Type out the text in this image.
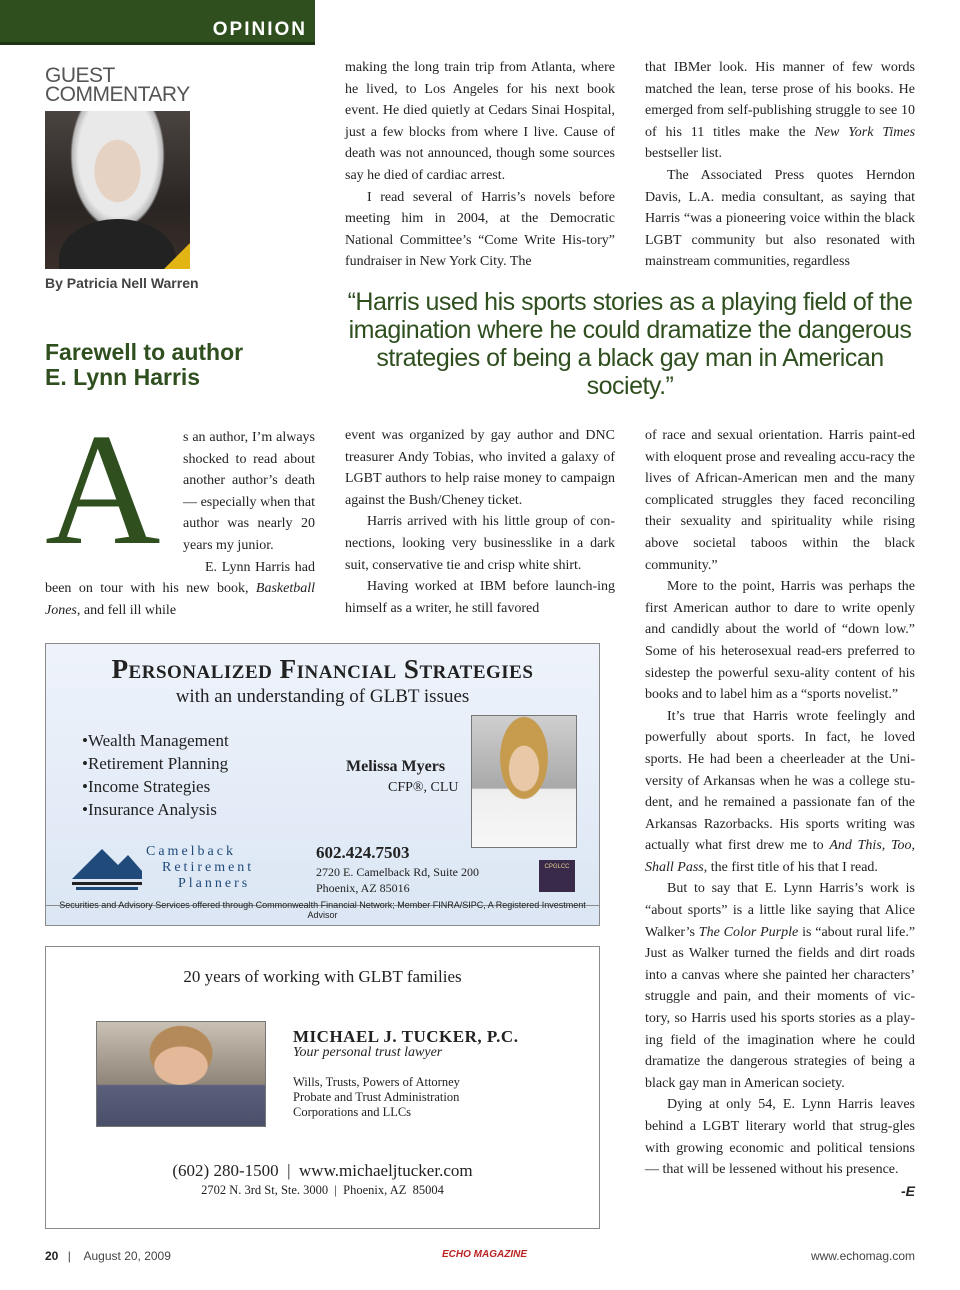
OPINION
GUEST
COMMENTARY
By Patricia Nell Warren
Farewell to author
E. Lynn Harris

making the long train trip from Atlanta, where he lived, to Los Angeles for his next book event. He died quietly at Cedars Sinai Hospital, just a few blocks from where I live. Cause of death was not announced, though some sources say he died of cardiac arrest.

I read several of Harris’s novels before meeting him in 2004, at the Democratic National Committee’s “Come Write His-tory” fundraiser in New York City. The

that IBMer look. His manner of few words matched the lean, terse prose of his books. He emerged from self-publishing struggle to see 10 of his 11 titles make the New York Times bestseller list.

The Associated Press quotes Herndon Davis, L.A. media consultant, as saying that Harris “was a pioneering voice within the black LGBT community but also resonated with mainstream communities, regardless

“Harris used his sports stories as a playing field of the imagination where he could dramatize the dangerous strategies of being a black gay man in American society.”
A	s an author, I’m always shocked to read about another author’s death — especially when that author was nearly 20 years my junior.

E. Lynn Harris had been on tour with his new book, Basketball Jones, and fell ill while

event was organized by gay author and DNC treasurer Andy Tobias, who invited a galaxy of LGBT authors to help raise money to campaign against the Bush/Cheney ticket.

Harris arrived with his little group of con-nections, looking very businesslike in a dark suit, conservative tie and crisp white shirt.

Having worked at IBM before launch-ing himself as a writer, he still favored

of race and sexual orientation. Harris paint-ed with eloquent prose and revealing accu-racy the lives of African-American men and the many complicated struggles they faced reconciling their sexuality and spirituality while rising above societal taboos within the black community.”

More to the point, Harris was perhaps the first American author to dare to write openly and candidly about the world of “down low.” Some of his heterosexual read-ers preferred to sidestep the powerful sexu-ality content of his books and to label him as a “sports novelist.”

It’s true that Harris wrote feelingly and powerfully about sports. In fact, he loved sports. He had been a cheerleader at the Uni-versity of Arkansas when he was a college stu-dent, and he remained a passionate fan of the Arkansas Razorbacks. His sports writing was actually what first drew me to And This, Too, Shall Pass, the first title of his that I read.

But to say that E. Lynn Harris’s work is “about sports” is a little like saying that Alice Walker’s The Color Purple is “about rural life.” Just as Walker turned the fields and dirt roads into a canvas where she painted her characters’ struggle and pain, and their moments of vic-tory, so Harris used his sports stories as a play-ing field of the imagination where he could dramatize the dangerous strategies of being a black gay man in American society.

Dying at only 54, E. Lynn Harris leaves behind a LGBT literary world that strug-gles with growing economic and political tensions — that will be lessened without his presence.
-E

Personalized Financial Strategies
with an understanding of GLBT issues
• Wealth Management
• Retirement Planning
• Income Strategies
• Insurance Analysis
Melissa Myers
CFP®, CLU
Camelback
Retirement
Planners
602.424.7503
2720 E. Camelback Rd, Suite 200
Phoenix, AZ 85016
CPGLCC
Securities and Advisory Services offered through Commonwealth Financial Network; Member FINRA/SIPC, A Registered Investment Advisor
20 years of working with GLBT families
MICHAEL J. TUCKER, P.C.
Your personal trust lawyer
Wills, Trusts, Powers of Attorney
Probate and Trust Administration
Corporations and LLCs
(602) 280-1500  |  www.michaeljtucker.com
2702 N. 3rd St, Ste. 3000  |  Phoenix, AZ  85004
20 | August 20, 2009	ECHO MAGAZINE	www.echomag.com
